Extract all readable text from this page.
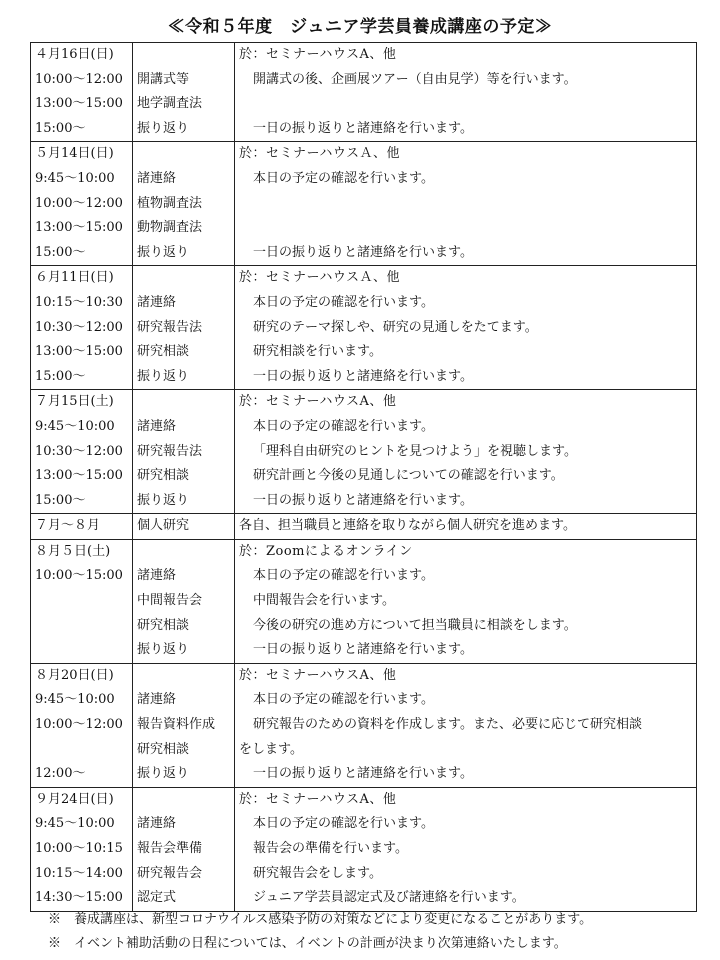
≪令和５年度　ジュニア学芸員養成講座の予定≫
４月16日(日)		於：セミナーハウスA、他
10:00～12:00	開講式等	開講式の後、企画展ツアー（自由見学）等を行います。
13:00～15:00	地学調査法	
15:00～	振り返り	一日の振り返りと諸連絡を行います。
５月14日(日)		於：セミナーハウスＡ、他
9:45～10:00	諸連絡	本日の予定の確認を行います。
10:00～12:00	植物調査法	
13:00～15:00	動物調査法	
15:00～	振り返り	一日の振り返りと諸連絡を行います。
６月11日(日)		於：セミナーハウスＡ、他
10:15～10:30	諸連絡	本日の予定の確認を行います。
10:30～12:00	研究報告法	研究のテーマ探しや、研究の見通しをたてます。
13:00～15:00	研究相談	研究相談を行います。
15:00～	振り返り	一日の振り返りと諸連絡を行います。
７月15日(土)		於：セミナーハウスA、他
9:45～10:00	諸連絡	本日の予定の確認を行います。
10:30～12:00	研究報告法	「理科自由研究のヒントを見つけよう」を視聴します。
13:00～15:00	研究相談	研究計画と今後の見通しについての確認を行います。
15:00～	振り返り	一日の振り返りと諸連絡を行います。
７月～８月	個人研究	各自、担当職員と連絡を取りながら個人研究を進めます。
８月５日(土)		於：Zoomによるオンライン
10:00～15:00	諸連絡	本日の予定の確認を行います。
	中間報告会	中間報告会を行います。
	研究相談	今後の研究の進め方について担当職員に相談をします。
	振り返り	一日の振り返りと諸連絡を行います。
８月20日(日)		於：セミナーハウスA、他
9:45～10:00	諸連絡	本日の予定の確認を行います。
10:00～12:00	報告資料作成	研究報告のための資料を作成します。また、必要に応じて研究相談
	研究相談	をします。
12:00～	振り返り	一日の振り返りと諸連絡を行います。
９月24日(日)		於：セミナーハウスA、他
9:45～10:00	諸連絡	本日の予定の確認を行います。
10:00～10:15	報告会準備	報告会の準備を行います。
10:15～14:00	研究報告会	研究報告会をします。
14:30～15:00	認定式	ジュニア学芸員認定式及び諸連絡を行います。
※　養成講座は、新型コロナウイルス感染予防の対策などにより変更になることがあります。
※　イベント補助活動の日程については、イベントの計画が決まり次第連絡いたします。
